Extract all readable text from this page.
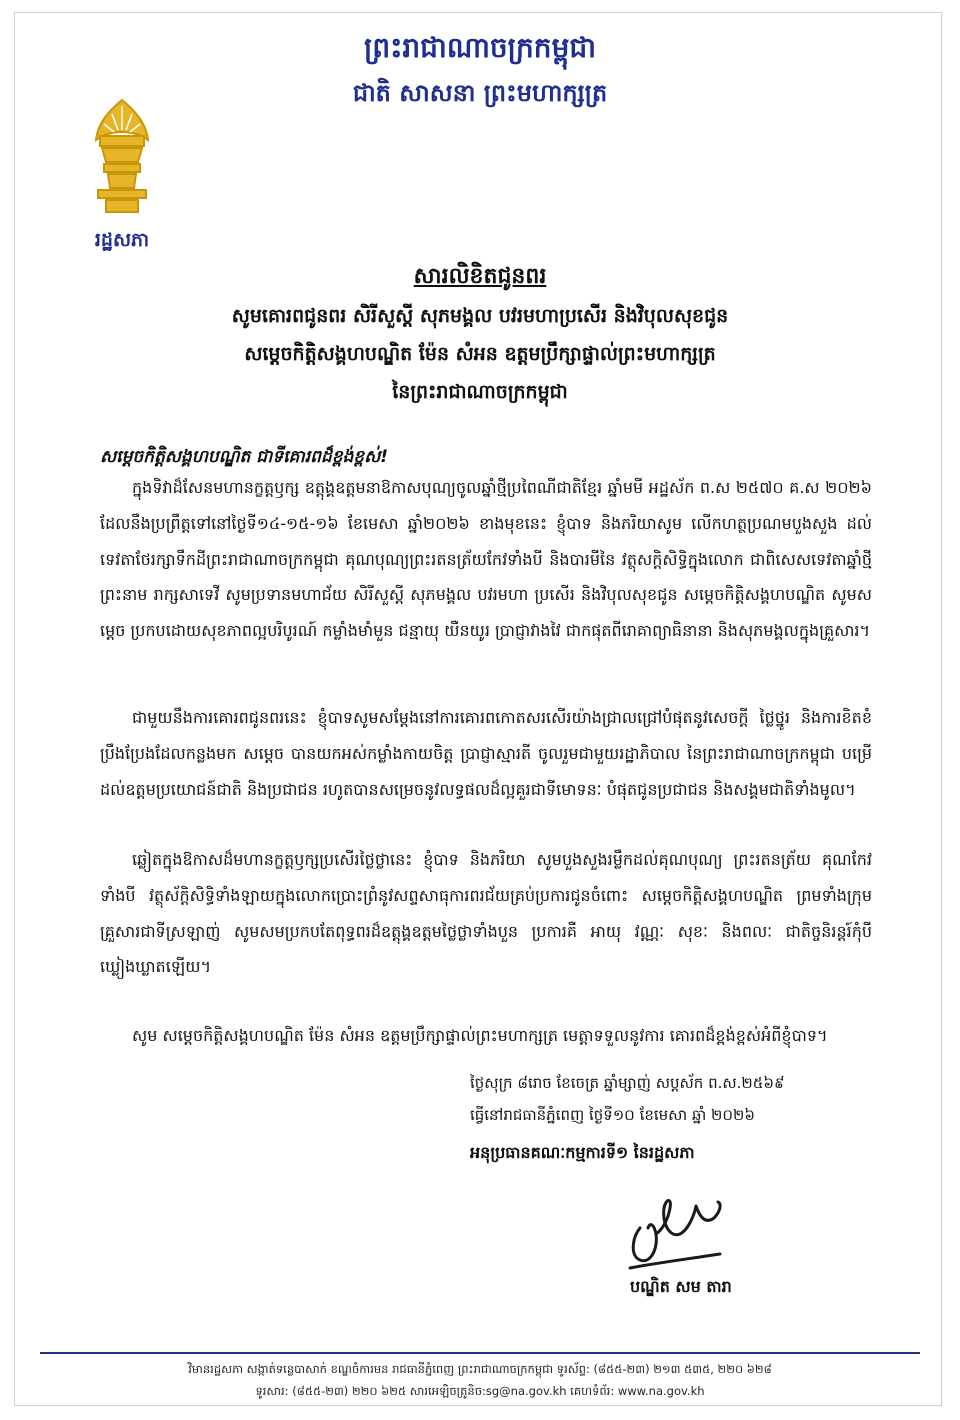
ព្រះរាជាណាចក្រកម្ពុជា
ជាតិ សាសនា ព្រះមហាក្សត្រ
រដ្ឋសភា
សារលិខិតជូនពរ
សូមគោរពជូនពរ សិរីសួស្តី សុភមង្គល បវរមហាប្រសើរ និងវិបុលសុខជូន
សម្តេចកិត្តិសង្គហបណ្ឌិត ម៉ែន សំអន ឧត្តមប្រឹក្សាផ្ទាល់ព្រះមហាក្សត្រ
នៃព្រះរាជាណាចក្រកម្ពុជា
សម្តេចកិត្តិសង្គហបណ្ឌិត ជាទីគោរពដ៏ខ្ពង់ខ្ពស់!

ក្នុងទិវាដ៏សែនមហានក្ខត្តឫក្ស ឧត្តុង្គឧត្តមនាឱកាសបុណ្យចូលឆ្នាំថ្មីប្រពៃណីជាតិខ្មែរ ឆ្នាំមមី អដ្ឋស័ក ព.ស ២៥៧០ គ.ស ២០២៦ ដែលនឹងប្រព្រឹត្តទៅនៅថ្ងៃទី១៤-១៥-១៦ ខែមេសា ឆ្នាំ២០២៦ ខាងមុខនេះ ខ្ញុំបាទ និងភរិយាសូម លើកហត្ថប្រណមបួងសួង ដល់ទេវតាថែរក្សាទឹកដីព្រះរាជាណាចក្រកម្ពុជា គុណបុណ្យព្រះរតនត្រ័យកែវទាំងបី និងបារមីនៃ វត្ថុសក្តិសិទ្ធិក្នុងលោក ជាពិសេសទេវតាឆ្នាំថ្មីព្រះនាម រាក្សសាទេវី សូមប្រទានមហាជ័យ សិរីសួស្តី សុភមង្គល បវរមហា ប្រសើរ និងវិបុលសុខជូន សម្តេចកិត្តិសង្គហបណ្ឌិត សូមសម្តេច ប្រកបដោយសុខភាពល្អបរិបូរណ៍ កម្លាំងមាំមួន ជន្មាយុ យឺនយូរ ប្រាជ្ញាវាងវៃ ជាកផុតពីរោគាព្យាធិនានា និងសុភមង្គលក្នុងគ្រួសារ។

ជាមួយនឹងការគោរពជូនពរនេះ ខ្ញុំបាទសូមសម្តែងនៅការគោរពកោតសរសើរយ៉ាងជ្រាលជ្រៅបំផុតនូវសេចក្តី ថ្លៃថ្នូរ និងការខិតខំប្រឹងប្រែងដែលកន្លងមក សម្តេច បានយកអស់កម្លាំងកាយចិត្ត ប្រាជ្ញាស្មារតី ចូលរួមជាមួយរដ្ឋាភិបាល នៃព្រះរាជាណាចក្រកម្ពុជា បម្រើដល់ឧត្តមប្រយោជន៍ជាតិ និងប្រជាជន រហូតបានសម្រេចនូវលទ្ធផលដ៏ល្អគួរជាទីមោទនៈ បំផុតជូនប្រជាជន និងសង្គមជាតិទាំងមូល។

ឆ្លៀតក្នុងឱកាសដ៏មហានក្ខត្តឫក្សប្រសើរថ្លៃថ្លានេះ ខ្ញុំបាទ និងភរិយា សូមបួងសួងរម្លឹកដល់គុណបុណ្យ ព្រះរតនត្រ័យ គុណកែវទាំងបី វត្ថុស័ក្តិសិទ្ធិទាំងឡាយក្នុងលោកប្រោះព្រំនូវសព្ទសាធុការពរជ័យគ្រប់ប្រការជូនចំពោះ សម្តេចកិត្តិសង្គហបណ្ឌិត ព្រមទាំងក្រុមគ្រួសារជាទីស្រឡាញ់ សូមសមប្រកបតែពុទ្ធពរដ៏ឧត្តុង្គឧត្តមថ្លៃថ្លាទាំងបួន ប្រការគឺ អាយុ វណ្ណៈ សុខៈ និងពលៈ ជាតិច្ចនិរន្តរ៍កុំបីឃ្លៀងឃ្លាតឡើយ។

សូម សម្តេចកិត្តិសង្គហបណ្ឌិត ម៉ែន សំអន ឧត្តមប្រឹក្សាផ្ទាល់ព្រះមហាក្សត្រ មេត្តាទទួលនូវការ គោរពដ៏ខ្ពង់ខ្ពស់អំពីខ្ញុំបាទ។

ថ្ងៃសុក្រ ៨រោច ខែចេត្រ ឆ្នាំម្សាញ់ សប្តស័ក ព.ស.២៥៦៩
ធ្វើនៅរាជធានីភ្នំពេញ ថ្ងៃទី១០ ខែមេសា ឆ្នាំ ២០២៦
អនុប្រធានគណៈកម្មការទី១ នៃរដ្ឋសភា
បណ្ឌិត សម តារា
វិមានរដ្ឋសភា សង្កាត់ទន្លេបាសាក់ ខណ្ឌចំការមន រាជធានីភ្នំពេញ ព្រះរាជាណាចក្រកម្ពុជា ទូរស័ព្ទ: (៨៥៥-២៣) ២១៣ ៥៣៥, ២២០ ៦២៨
ទូរសារ: (៨៥៥-២៣) ២២០ ៦២៥ សារអេឡិចត្រូនិច:sg@na.gov.kh គេហទំព័រ: www.na.gov.kh
